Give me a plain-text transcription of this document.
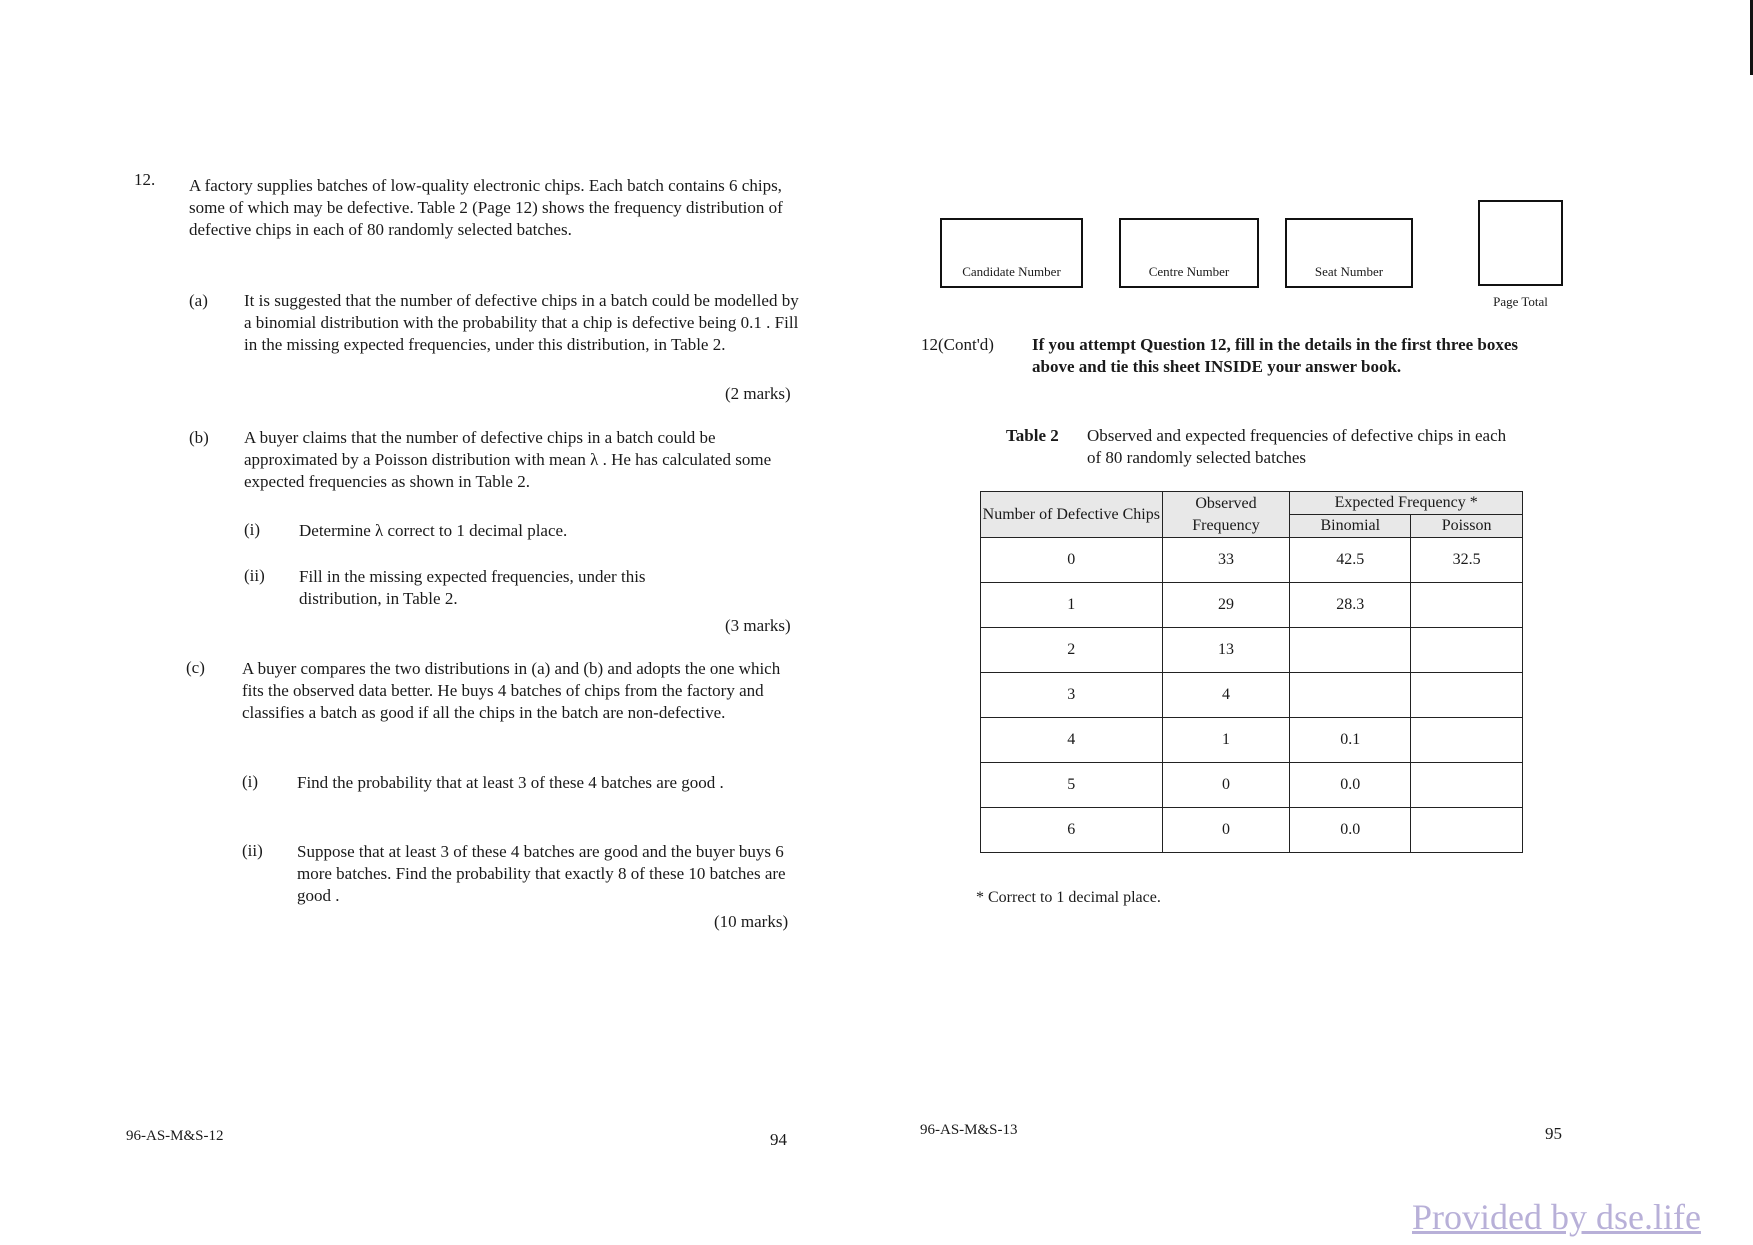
12. A factory supplies batches of low-quality electronic chips. Each batch contains 6 chips, some of which may be defective. Table 2 (Page 12) shows the frequency distribution of defective chips in each of 80 randomly selected batches.
(a) It is suggested that the number of defective chips in a batch could be modelled by a binomial distribution with the probability that a chip is defective being 0.1 . Fill in the missing expected frequencies, under this distribution, in Table 2.
(2 marks)
(b) A buyer claims that the number of defective chips in a batch could be approximated by a Poisson distribution with mean λ . He has calculated some expected frequencies as shown in Table 2.
(i) Determine λ correct to 1 decimal place.
(ii) Fill in the missing expected frequencies, under this distribution, in Table 2.
(3 marks)
(c) A buyer compares the two distributions in (a) and (b) and adopts the one which fits the observed data better. He buys 4 batches of chips from the factory and classifies a batch as good if all the chips in the batch are non-defective.
(i) Find the probability that at least 3 of these 4 batches are good .
(ii) Suppose that at least 3 of these 4 batches are good and the buyer buys 6 more batches. Find the probability that exactly 8 of these 10 batches are good .
(10 marks)
96-AS-M&S-12	94
Candidate Number	Centre Number	Seat Number
Page Total
12(Cont'd) If you attempt Question 12, fill in the details in the first three boxes above and tie this sheet INSIDE your answer book.
Table 2 Observed and expected frequencies of defective chips in each of 80 randomly selected batches
Number of Defective Chips	Observed Frequency	Expected Frequency *	
		Binomial	Poisson
0	33	42.5	32.5
1	29	28.3	
2	13		
3	4		
4	1	0.1	
5	0	0.0	
6	0	0.0	
* Correct to 1 decimal place.
96-AS-M&S-13	95
Provided by dse.life
